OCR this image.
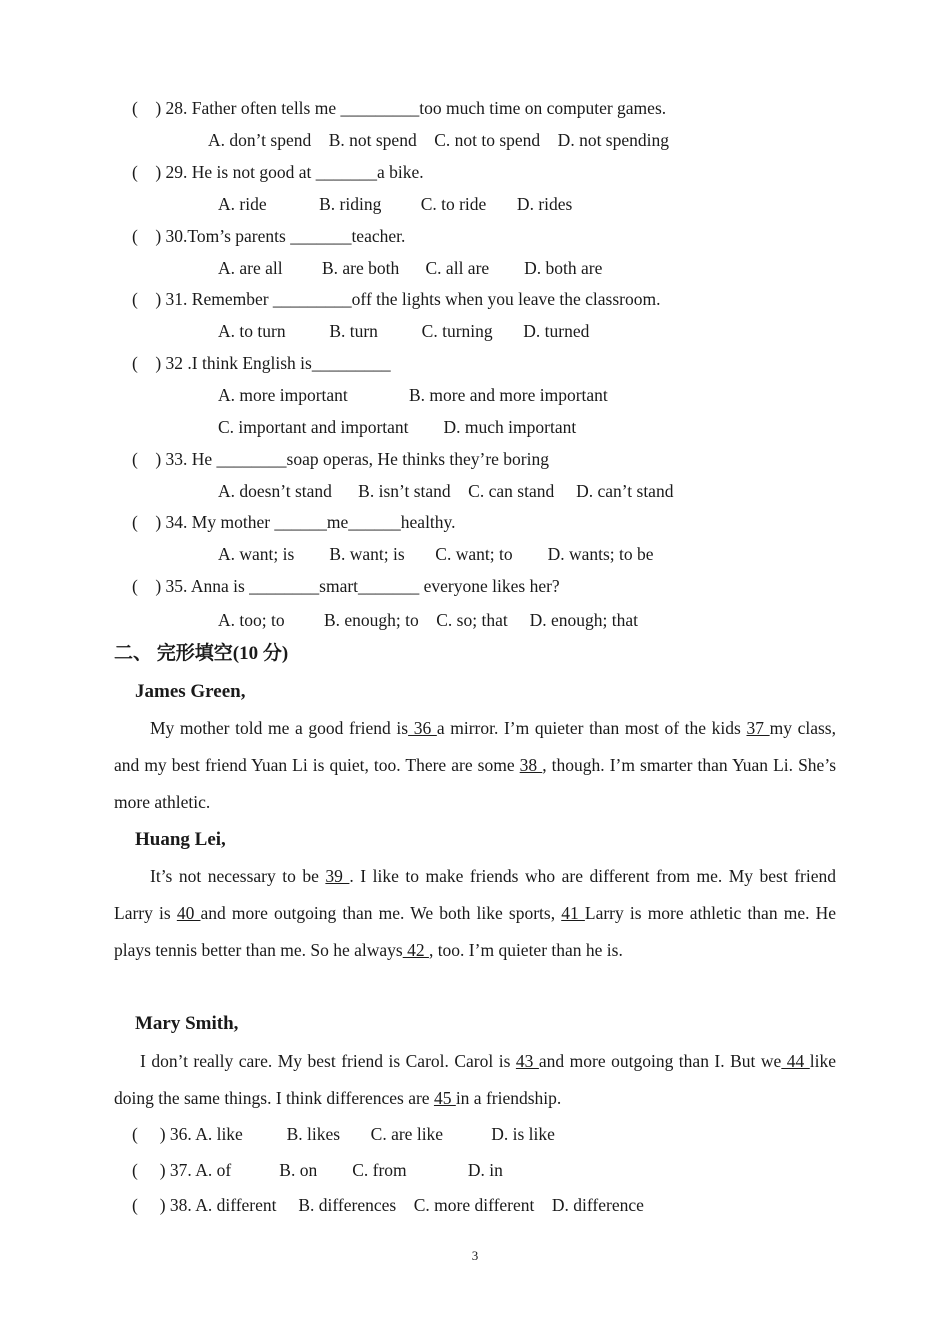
(    ) 28. Father often tells me _________too much time on computer games.
A. don’t spend    B. not spend    C. not to spend    D. not spending
(    ) 29. He is not good at _______a bike.
A. ride            B. riding         C. to ride       D. rides
(    ) 30.Tom’s parents _______teacher.
A. are all         B. are both      C. all are        D. both are
(    ) 31. Remember _________off the lights when you leave the classroom.
A. to turn          B. turn          C. turning       D. turned
(    ) 32 .I think English is_________
A. more important              B. more and more important
C. important and important        D. much important
(    ) 33. He ________soap operas, He thinks they’re boring
A. doesn’t stand      B. isn’t stand    C. can stand     D. can’t stand
(    ) 34. My mother ______me______healthy.
A. want; is        B. want; is       C. want; to        D. wants; to be
(    ) 35. Anna is ________smart_______ everyone likes her?
A. too; to         B. enough; to    C. so; that     D. enough; that
二、 完形填空(10 分)
James Green,
My mother told me a good friend is 36 a mirror. I’m quieter than most of the kids 37 my class, and my best friend Yuan Li is quiet, too. There are some 38 , though. I’m smarter than Yuan Li. She’s more athletic.
Huang Lei,
It’s not necessary to be 39 . I like to make friends who are different from me. My best friend Larry is 40 and more outgoing than me. We both like sports, 41 Larry is more athletic than me. He plays tennis better than me. So he always 42 , too. I’m quieter than he is.
Mary Smith,
I don’t really care. My best friend is Carol. Carol is 43 and more outgoing than I. But we 44 like doing the same things. I think differences are 45 in a friendship.
(     ) 36. A. like          B. likes       C. are like           D. is like
(     ) 37. A. of           B. on        C. from              D. in
(     ) 38. A. different     B. differences    C. more different    D. difference
3
